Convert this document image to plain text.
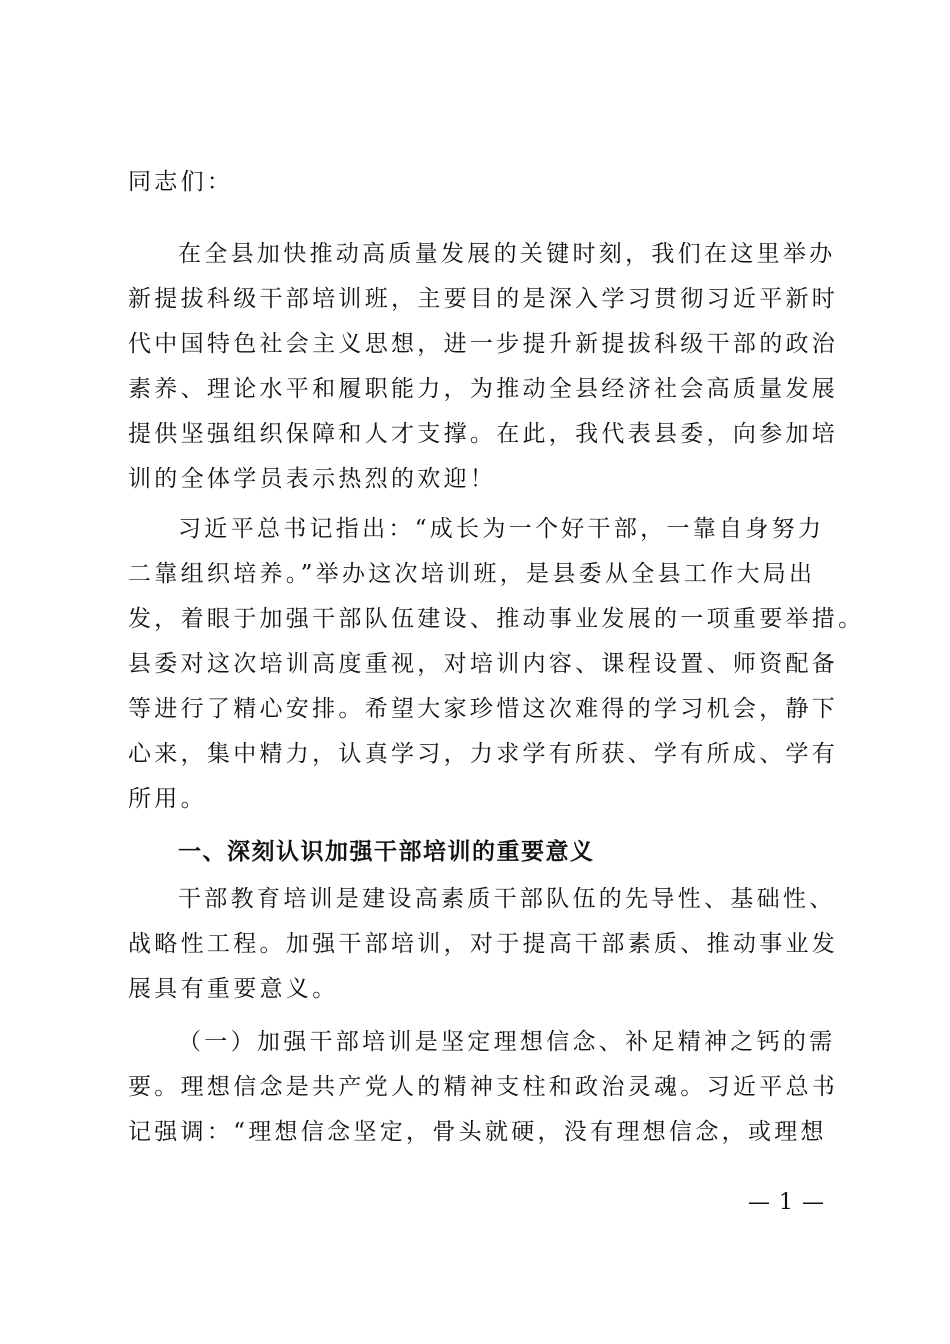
同志们：
在全县加快推动高质量发展的关键时刻，我们在这里举办
新提拔科级干部培训班，主要目的是深入学习贯彻习近平新时
代中国特色社会主义思想，进一步提升新提拔科级干部的政治
素养、理论水平和履职能力，为推动全县经济社会高质量发展
提供坚强组织保障和人才支撑。在此，我代表县委，向参加培
训的全体学员表示热烈的欢迎！
习近平总书记指出：“成长为一个好干部，一靠自身努力
二靠组织培养。”举办这次培训班，是县委从全县工作大局出
发，着眼于加强干部队伍建设、推动事业发展的一项重要举措。
县委对这次培训高度重视，对培训内容、课程设置、师资配备
等进行了精心安排。希望大家珍惜这次难得的学习机会，静下
心来，集中精力，认真学习，力求学有所获、学有所成、学有
所用。
一、深刻认识加强干部培训的重要意义
干部教育培训是建设高素质干部队伍的先导性、基础性、
战略性工程。加强干部培训，对于提高干部素质、推动事业发
展具有重要意义。
（一）加强干部培训是坚定理想信念、补足精神之钙的需
要。理想信念是共产党人的精神支柱和政治灵魂。习近平总书
记强调：“理想信念坚定，骨头就硬，没有理想信念，或理想
— 1 —
